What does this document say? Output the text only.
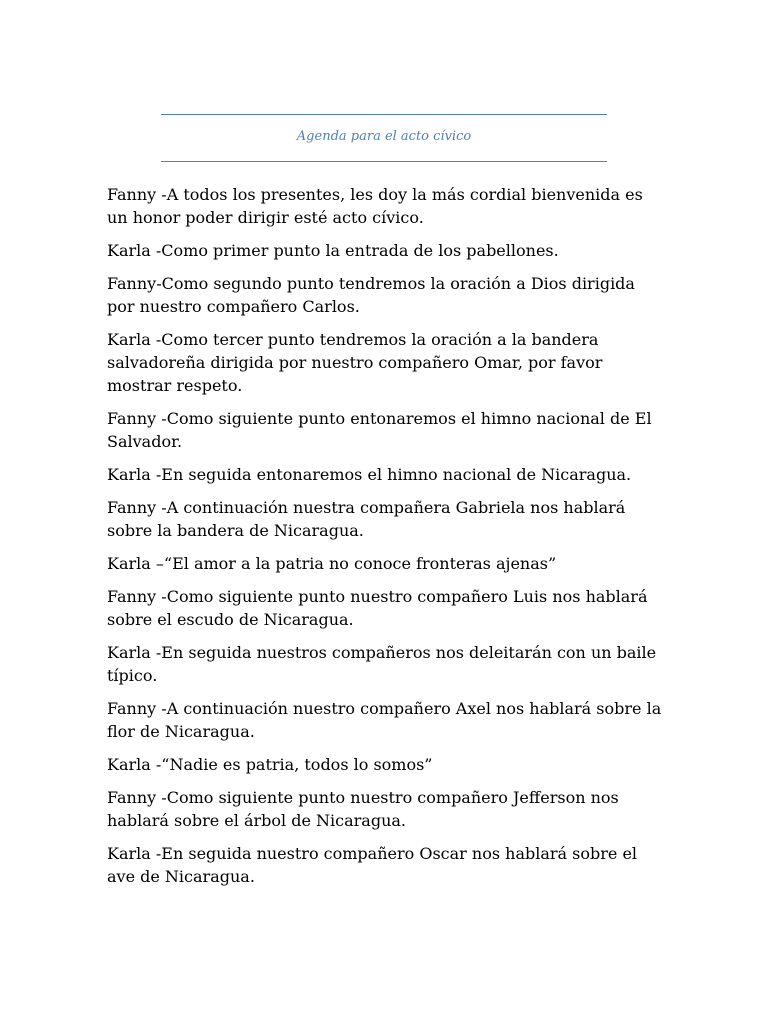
Agenda para el acto cívico

Fanny -A todos los presentes, les doy la más cordial bienvenida es un honor poder dirigir esté acto cívico.

Karla -Como primer punto la entrada de los pabellones.

Fanny-Como segundo punto tendremos la oración a Dios dirigida por nuestro compañero Carlos.

Karla -Como tercer punto tendremos la oración a la bandera salvadoreña dirigida por nuestro compañero Omar, por favor mostrar respeto.

Fanny -Como siguiente punto entonaremos el himno nacional de El Salvador.

Karla -En seguida entonaremos el himno nacional de Nicaragua.

Fanny -A continuación nuestra compañera Gabriela nos hablará sobre la bandera de Nicaragua.

Karla –“El amor a la patria no conoce fronteras ajenas”

Fanny -Como siguiente punto nuestro compañero Luis nos hablará sobre el escudo de Nicaragua.

Karla -En seguida nuestros compañeros nos deleitarán con un baile típico.

Fanny -A continuación nuestro compañero Axel nos hablará sobre la flor de Nicaragua.

Karla -“Nadie es patria, todos lo somos”

Fanny -Como siguiente punto nuestro compañero Jefferson nos hablará sobre el árbol de Nicaragua.

Karla -En seguida nuestro compañero Oscar nos hablará sobre el ave de Nicaragua.
